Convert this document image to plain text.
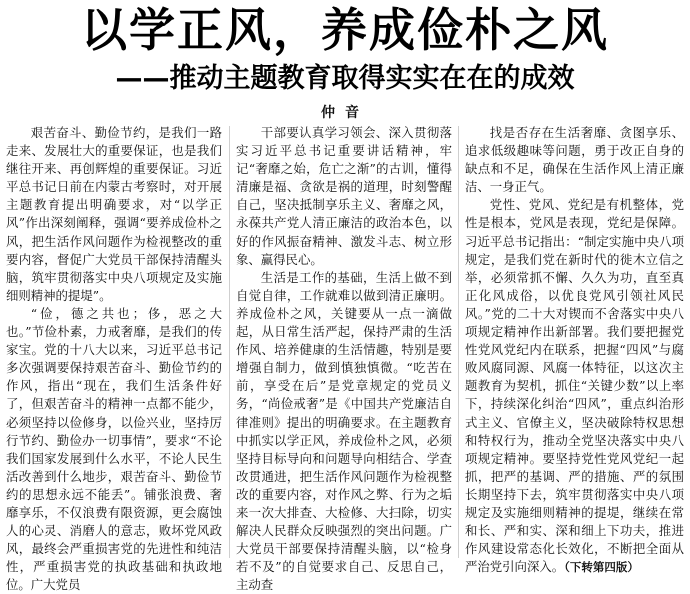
以学正风，养成俭朴之风
——推动主题教育取得实实在在的成效
仲音

艰苦奋斗、勤俭节约，是我们一路走来、发展壮大的重要保证，也是我们继往开来、再创辉煌的重要保证。习近平总书记日前在内蒙古考察时，对开展主题教育提出明确要求，对“以学正风”作出深刻阐释，强调“要养成俭朴之风，把生活作风问题作为检视整改的重要内容，督促广大党员干部保持清醒头脑，筑牢贯彻落实中央八项规定及实施细则精神的提堤”。

“俭，德之共也；侈，恶之大也。”节俭朴素，力戒奢靡，是我们的传家宝。党的十八大以来，习近平总书记多次强调要保持艰苦奋斗、勤俭节约的作风，指出“现在，我们生活条件好了，但艰苦奋斗的精神一点都不能少，必须坚持以俭修身，以俭兴业，坚持厉行节约、勤俭办一切事情”，要求“不论我们国家发展到什么水平，不论人民生活改善到什么地步，艰苦奋斗、勤俭节约的思想永远不能丢”。铺张浪费、奢靡享乐，不仅浪费有限资源，更会腐蚀人的心灵、消磨人的意志，败坏党风政风，最终会严重损害党的先进性和纯洁性，严重损害党的执政基础和执政地位。广大党员

干部要认真学习领会、深入贯彻落实习近平总书记重要讲话精神，牢记“奢靡之始，危亡之渐”的古训，懂得清廉是福、贪欲是祸的道理，时刻警醒自己，坚决抵制享乐主义、奢靡之风，永葆共产党人清正廉洁的政治本色，以好的作风振奋精神、激发斗志、树立形象、赢得民心。

生活是工作的基础，生活上做不到自觉自律，工作就难以做到清正廉明。养成俭朴之风，关键要从一点一滴做起，从日常生活严起，保持严肃的生活作风、培养健康的生活情趣，特别是要增强自制力，做到慎独慎微。“吃苦在前，享受在后”是党章规定的党员义务，“尚俭戒奢”是《中国共产党廉洁自律准则》提出的明确要求。在主题教育中抓实以学正风，养成俭朴之风，必须坚持目标导向和问题导向相结合、学查改贯通进，把生活作风问题作为检视整改的重要内容，对作风之弊、行为之垢来一次大排查、大检修、大扫除，切实解决人民群众反映强烈的突出问题。广大党员干部要保持清醒头脑，以“检身若不及”的自觉要求自己、反思自己，主动查

找是否存在生活奢靡、贪图享乐、追求低级趣味等问题，勇于改正自身的缺点和不足，确保在生活作风上清正廉洁、一身正气。

党性、党风、党纪是有机整体，党性是根本，党风是表现，党纪是保障。习近平总书记指出：“制定实施中央八项规定，是我们党在新时代的徙木立信之举，必须常抓不懈、久久为功，直至真正化风成俗，以优良党风引领社风民风。”党的二十大对锲而不舍落实中央八项规定精神作出新部署。我们要把握党性党风党纪内在联系，把握“四风”与腐败风腐同源、风腐一体特征，以这次主题教育为契机，抓住“关键少数”以上率下，持续深化纠治“四风”，重点纠治形式主义、官僚主义，坚决破除特权思想和特权行为，推动全党坚决落实中央八项规定精神。要坚持党性党风党纪一起抓，把严的基调、严的措施、严的氛围长期坚持下去，筑牢贯彻落实中央八项规定及实施细则精神的提堤，继续在常和长、严和实、深和细上下功夫，推进作风建设常态化长效化，不断把全面从严治党引向深入。（下转第四版）
